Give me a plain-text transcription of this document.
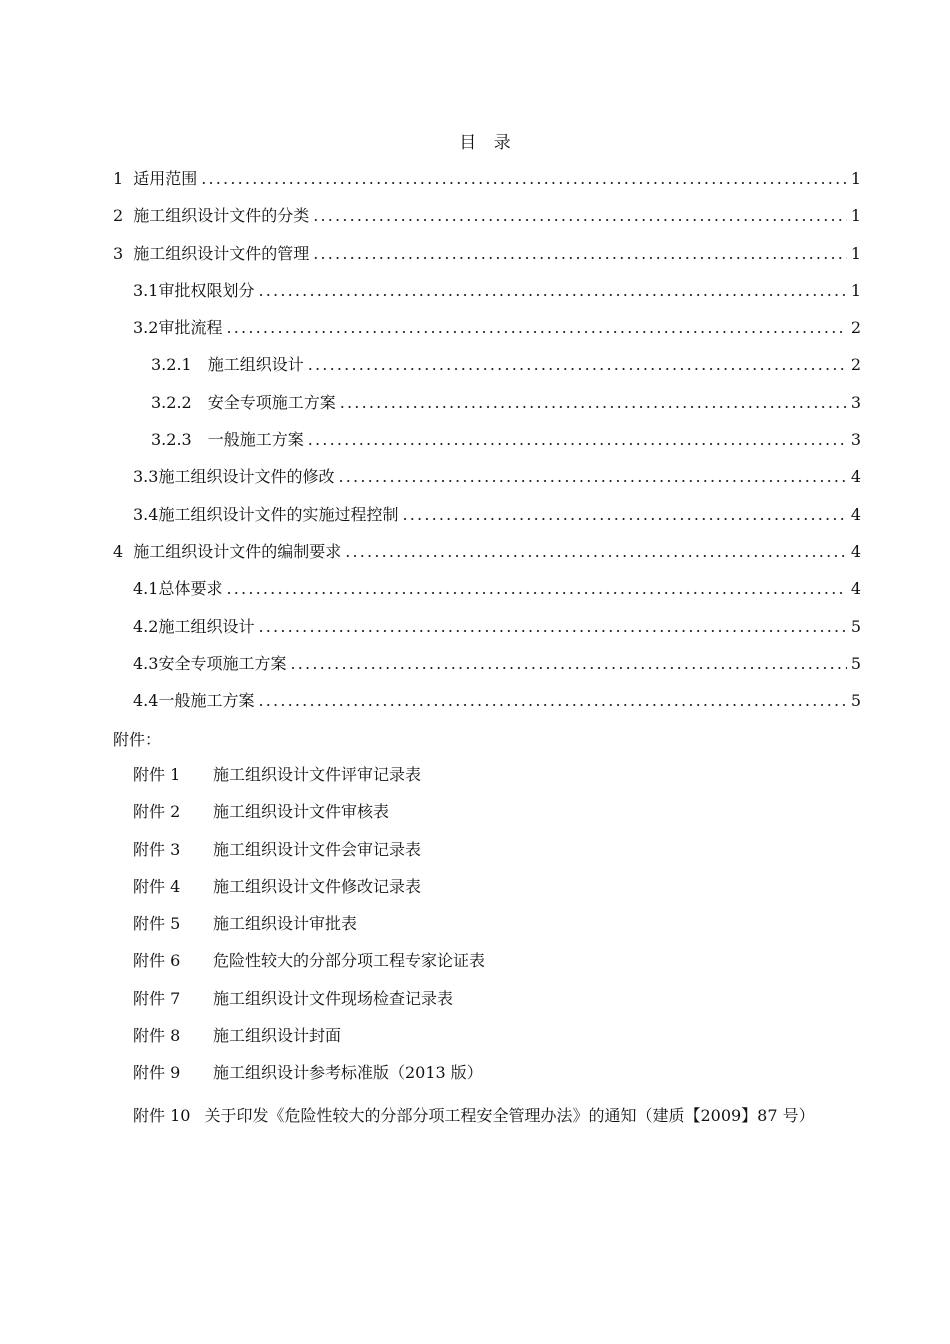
目 录
1 适用范围 .....	1
2 施工组织设计文件的分类 .....	1
3 施工组织设计文件的管理 .....	1
3.1 审批权限划分 .....	1
3.2 审批流程 .....	2
3.2.1 施工组织设计 .....	2
3.2.2 安全专项施工方案 .....	3
3.2.3 一般施工方案 .....	3
3.3 施工组织设计文件的修改 .....	4
3.4 施工组织设计文件的实施过程控制 .....	4
4 施工组织设计文件的编制要求 .....	4
4.1 总体要求 .....	4
4.2 施工组织设计 .....	5
4.3 安全专项施工方案 .....	5
4.4 一般施工方案 .....	5
附件：
附件 1	施工组织设计文件评审记录表
附件 2	施工组织设计文件审核表
附件 3	施工组织设计文件会审记录表
附件 4	施工组织设计文件修改记录表
附件 5	施工组织设计审批表
附件 6	危险性较大的分部分项工程专家论证表
附件 7	施工组织设计文件现场检查记录表
附件 8	施工组织设计封面
附件 9	施工组织设计参考标准版（2013 版）
附件 10 关于印发《危险性较大的分部分项工程安全管理办法》的通知（建质【2009】87 号）
